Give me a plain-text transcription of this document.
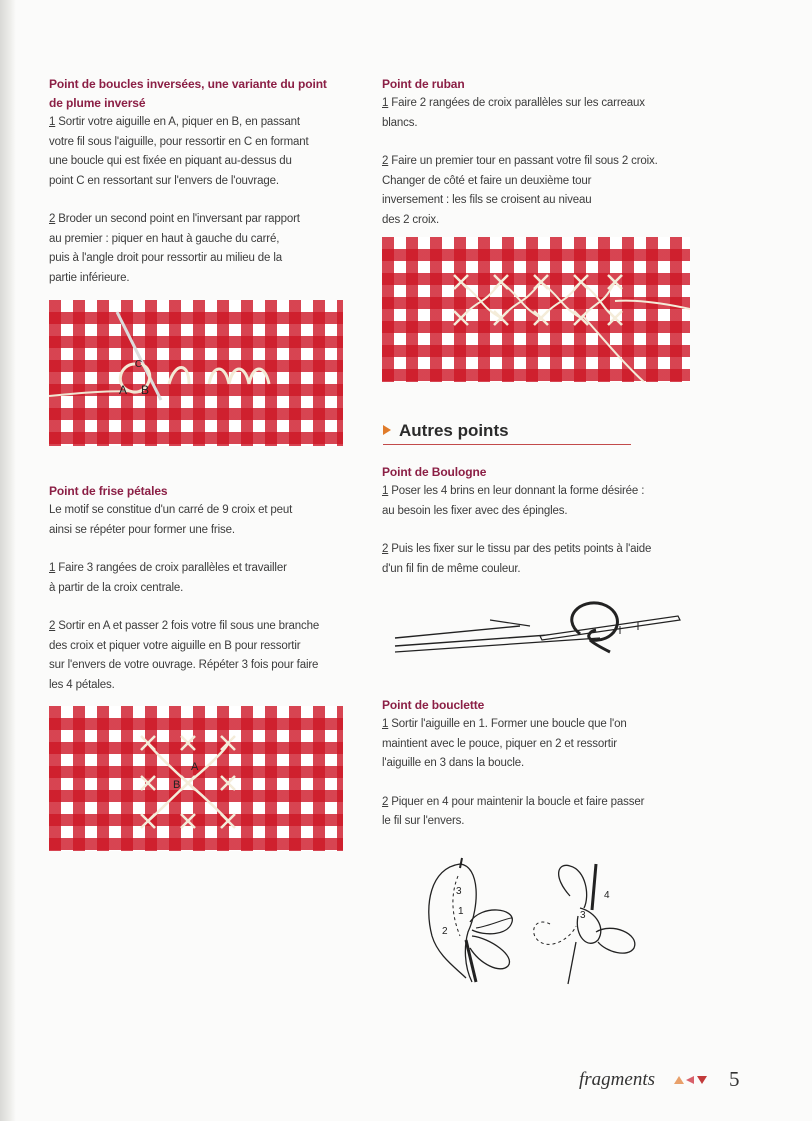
Point de boucles inversées, une variante du point

de plume inversé

1 Sortir votre aiguille en A, piquer en B, en passant

votre fil sous l'aiguille, pour ressortir en C en formant

une boucle qui est fixée en piquant au-dessus du

point C en ressortant sur l'envers de l'ouvrage.

2 Broder un second point en l'inversant par rapport

au premier : piquer en haut à gauche du carré,

puis à l'angle droit pour ressortir au milieu de la

partie inférieure.

A B
C

Point de frise pétales

Le motif se constitue d'un carré de 9 croix et peut

ainsi se répéter pour former une frise.

1 Faire 3 rangées de croix parallèles et travailler

à partir de la croix centrale.

2 Sortir en A et passer 2 fois votre fil sous une branche

des croix et piquer votre aiguille en B pour ressortir

sur l'envers de votre ouvrage. Répéter 3 fois pour faire

les 4 pétales.

A
B

Point de ruban

1 Faire 2 rangées de croix parallèles sur les carreaux

blancs.

2 Faire un premier tour en passant votre fil sous 2 croix.

Changer de côté et faire un deuxième tour

inversement : les fils se croisent au niveau

des 2 croix.

Autres points

Point de Boulogne

1 Poser les 4 brins en leur donnant la forme désirée :

au besoin les fixer avec des épingles.

2 Puis les fixer sur le tissu par des petits points à l'aide

d'un fil fin de même couleur.

Point de bouclette

1 Sortir l'aiguille en 1. Former une boucle que l'on

maintient avec le pouce, piquer en 2 et ressortir

l'aiguille en 3 dans la boucle.

2 Piquer en 4 pour maintenir la boucle et faire passer

le fil sur l'envers.

3
1
2
4
3
fragments	5
